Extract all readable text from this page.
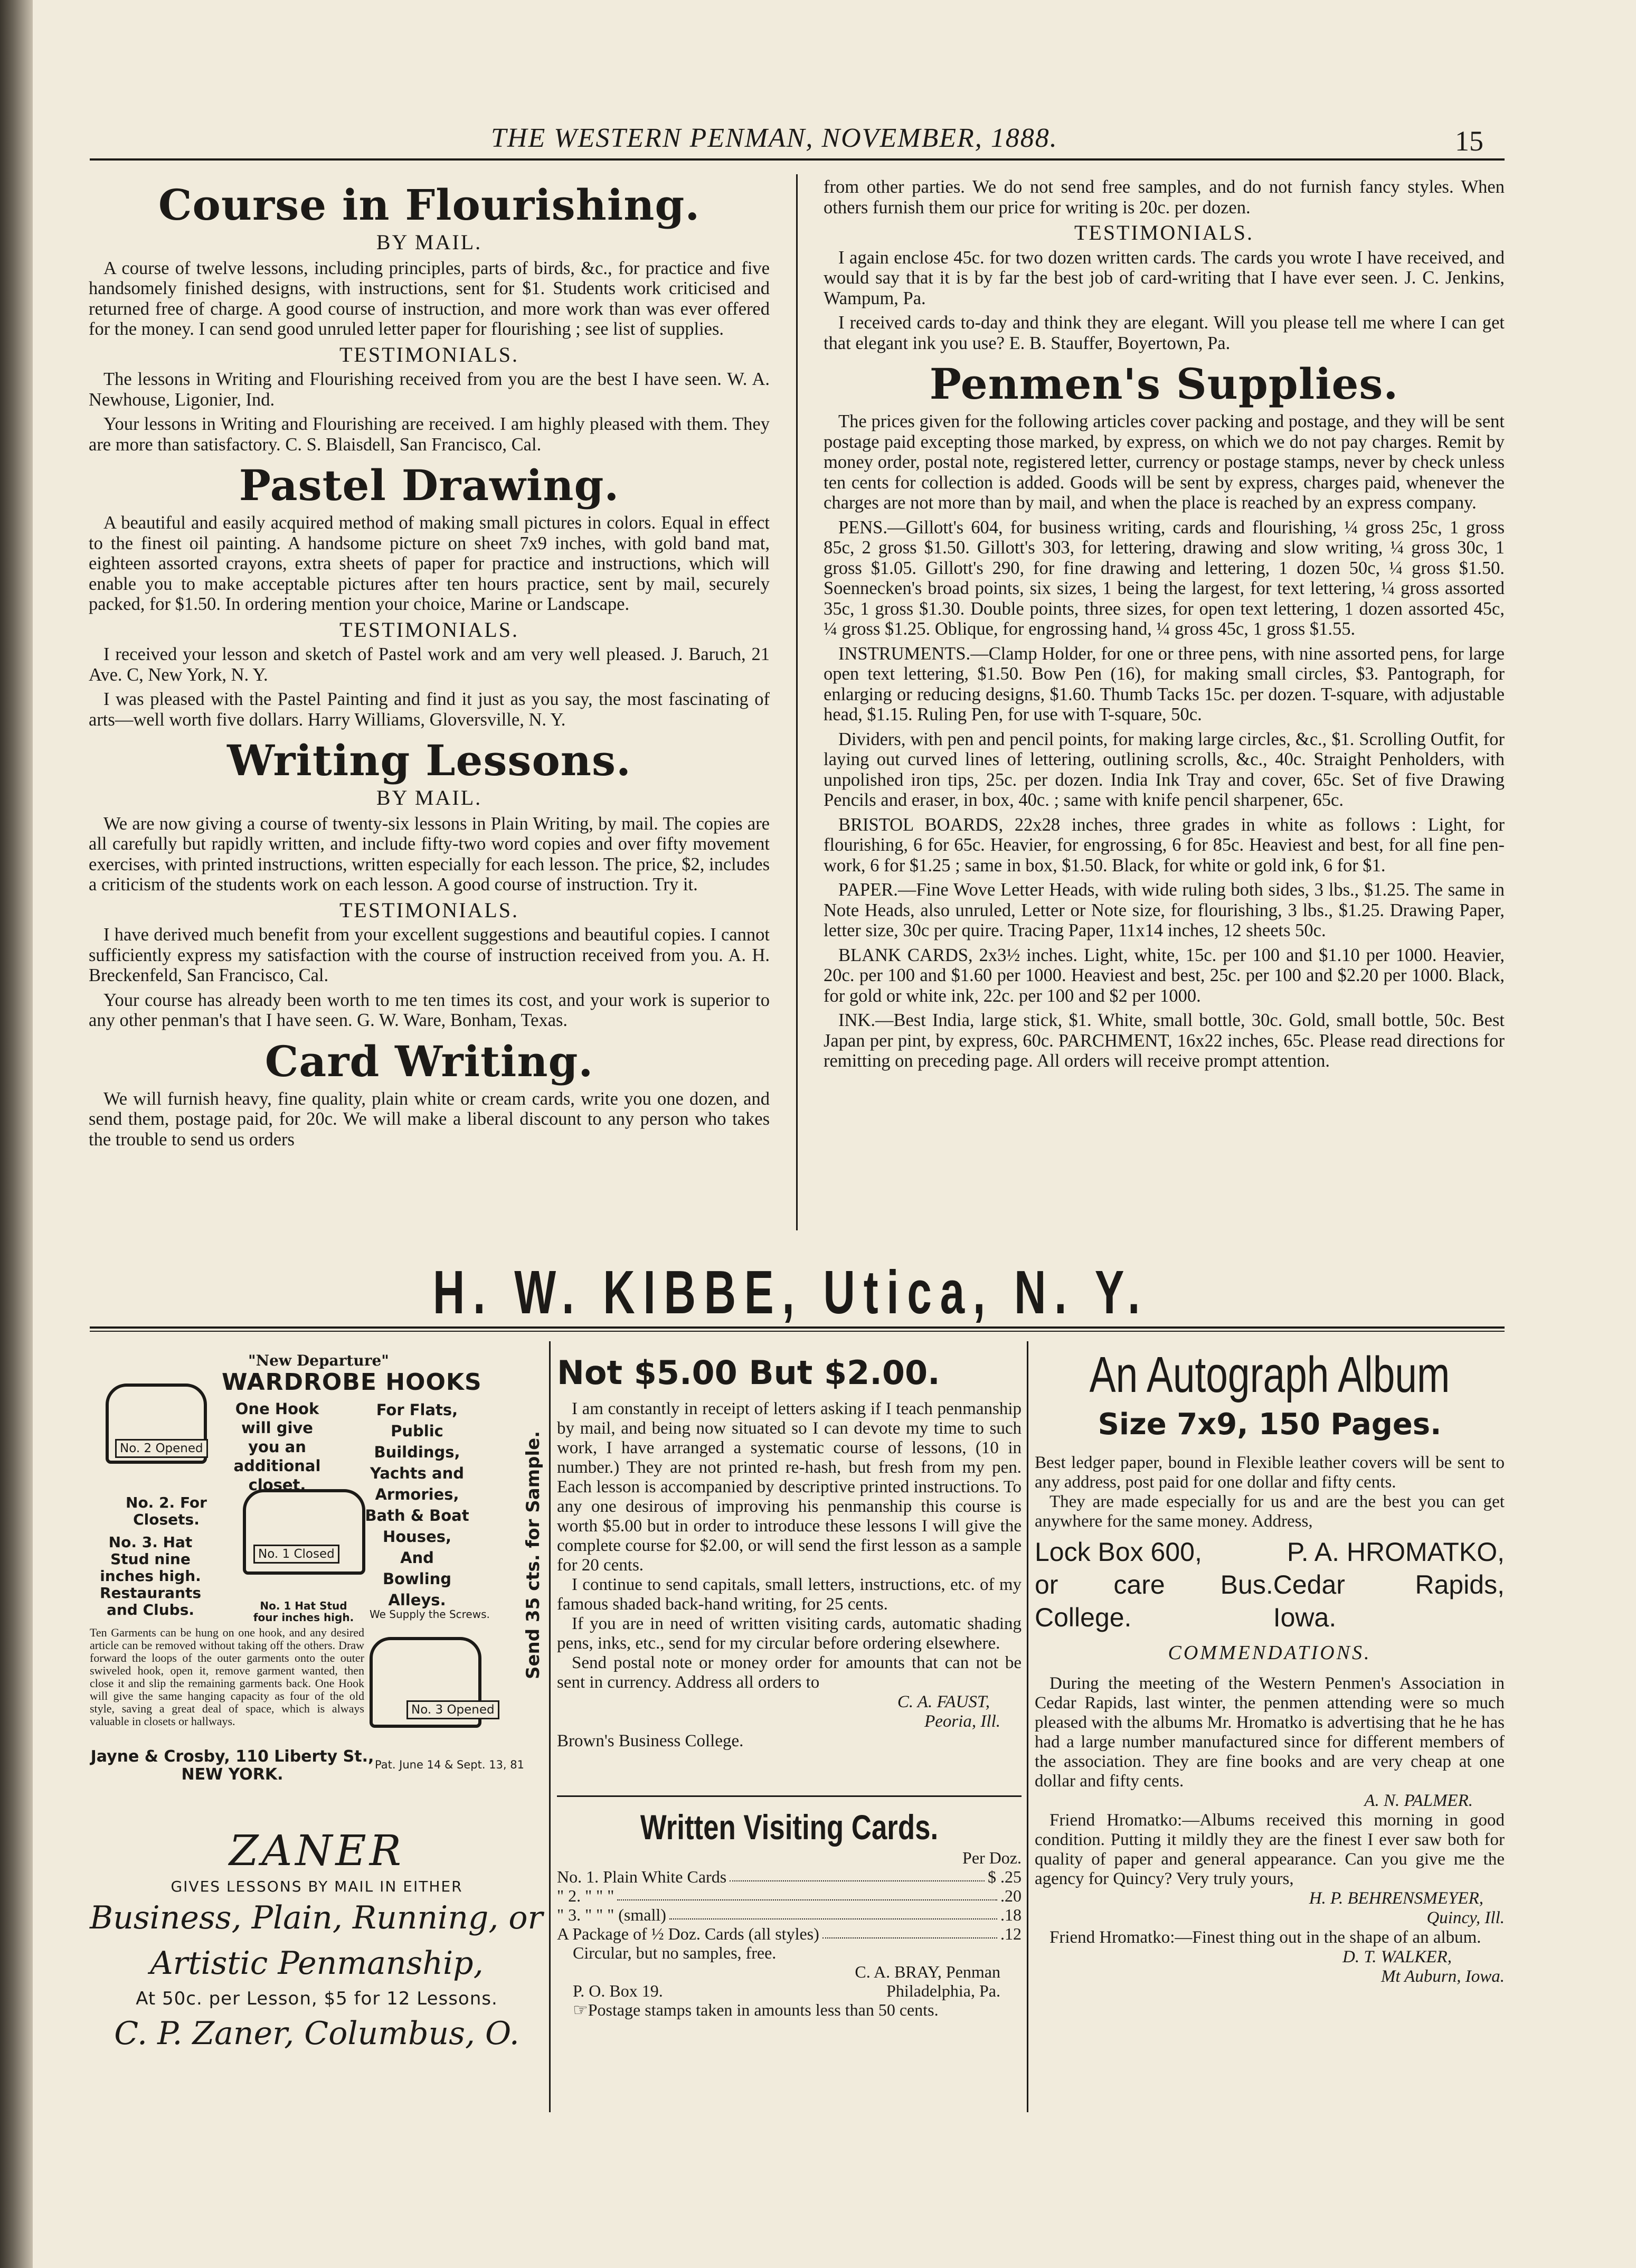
THE WESTERN PENMAN, NOVEMBER, 1888.	15
Course in Flourishing.
BY MAIL.

A course of twelve lessons, including principles, parts of birds, &c., for practice and five handsomely finished designs, with instructions, sent for $1. Students work criticised and returned free of charge. A good course of instruction, and more work than was ever offered for the money. I can send good unruled letter paper for flourishing ; see list of supplies.

TESTIMONIALS.

The lessons in Writing and Flourishing received from you are the best I have seen. W. A. Newhouse, Ligonier, Ind.

Your lessons in Writing and Flourishing are received. I am highly pleased with them. They are more than satisfactory. C. S. Blaisdell, San Francisco, Cal.

Pastel Drawing.

A beautiful and easily acquired method of making small pictures in colors. Equal in effect to the finest oil painting. A handsome picture on sheet 7x9 inches, with gold band mat, eighteen assorted crayons, extra sheets of paper for practice and instructions, which will enable you to make acceptable pictures after ten hours practice, sent by mail, securely packed, for $1.50. In ordering mention your choice, Marine or Landscape.

TESTIMONIALS.

I received your lesson and sketch of Pastel work and am very well pleased. J. Baruch, 21 Ave. C, New York, N. Y.

I was pleased with the Pastel Painting and find it just as you say, the most fascinating of arts—well worth five dollars. Harry Williams, Gloversville, N. Y.

Writing Lessons.
BY MAIL.

We are now giving a course of twenty-six lessons in Plain Writing, by mail. The copies are all carefully but rapidly written, and include fifty-two word copies and over fifty movement exercises, with printed instructions, written especially for each lesson. The price, $2, includes a criticism of the students work on each lesson. A good course of instruction. Try it.

TESTIMONIALS.

I have derived much benefit from your excellent suggestions and beautiful copies. I cannot sufficiently express my satisfaction with the course of instruction received from you. A. H. Breckenfeld, San Francisco, Cal.

Your course has already been worth to me ten times its cost, and your work is superior to any other penman's that I have seen. G. W. Ware, Bonham, Texas.

Card Writing.

We will furnish heavy, fine quality, plain white or cream cards, write you one dozen, and send them, postage paid, for 20c. We will make a liberal discount to any person who takes the trouble to send us orders

from other parties. We do not send free samples, and do not furnish fancy styles. When others furnish them our price for writing is 20c. per dozen.

TESTIMONIALS.

I again enclose 45c. for two dozen written cards. The cards you wrote I have received, and would say that it is by far the best job of card-writing that I have ever seen. J. C. Jenkins, Wampum, Pa.

I received cards to-day and think they are elegant. Will you please tell me where I can get that elegant ink you use? E. B. Stauffer, Boyertown, Pa.

Penmen's Supplies.

The prices given for the following articles cover packing and postage, and they will be sent postage paid excepting those marked, by express, on which we do not pay charges. Remit by money order, postal note, registered letter, currency or postage stamps, never by check unless ten cents for collection is added. Goods will be sent by express, charges paid, whenever the charges are not more than by mail, and when the place is reached by an express company.

PENS.—Gillott's 604, for business writing, cards and flourishing, ¼ gross 25c, 1 gross 85c, 2 gross $1.50. Gillott's 303, for lettering, drawing and slow writing, ¼ gross 30c, 1 gross $1.05. Gillott's 290, for fine drawing and lettering, 1 dozen 50c, ¼ gross $1.50. Soennecken's broad points, six sizes, 1 being the largest, for text lettering, ¼ gross assorted 35c, 1 gross $1.30. Double points, three sizes, for open text lettering, 1 dozen assorted 45c, ¼ gross $1.25. Oblique, for engrossing hand, ¼ gross 45c, 1 gross $1.55.

INSTRUMENTS.—Clamp Holder, for one or three pens, with nine assorted pens, for large open text lettering, $1.50. Bow Pen (16), for making small circles, $3. Pantograph, for enlarging or reducing designs, $1.60. Thumb Tacks 15c. per dozen. T-square, with adjustable head, $1.15. Ruling Pen, for use with T-square, 50c.

Dividers, with pen and pencil points, for making large circles, &c., $1. Scrolling Outfit, for laying out curved lines of lettering, outlining scrolls, &c., 40c. Straight Penholders, with unpolished iron tips, 25c. per dozen. India Ink Tray and cover, 65c. Set of five Drawing Pencils and eraser, in box, 40c. ; same with knife pencil sharpener, 65c.

BRISTOL BOARDS, 22x28 inches, three grades in white as follows : Light, for flourishing, 6 for 65c. Heavier, for engrossing, 6 for 85c. Heaviest and best, for all fine pen-work, 6 for $1.25 ; same in box, $1.50. Black, for white or gold ink, 6 for $1.

PAPER.—Fine Wove Letter Heads, with wide ruling both sides, 3 lbs., $1.25. The same in Note Heads, also unruled, Letter or Note size, for flourishing, 3 lbs., $1.25. Drawing Paper, letter size, 30c per quire. Tracing Paper, 11x14 inches, 12 sheets 50c.

BLANK CARDS, 2x3½ inches. Light, white, 15c. per 100 and $1.10 per 1000. Heavier, 20c. per 100 and $1.60 per 1000. Heaviest and best, 25c. per 100 and $2.20 per 1000. Black, for gold or white ink, 22c. per 100 and $2 per 1000.

INK.—Best India, large stick, $1. White, small bottle, 30c. Gold, small bottle, 50c. Best Japan per pint, by express, 60c. PARCHMENT, 16x22 inches, 65c. Please read directions for remitting on preceding page. All orders will receive prompt attention.

H. W. KIBBE, Utica, N. Y.
"New Departure"
WARDROBE HOOKS
One Hook will give you an additional closet.
For Flats, Public Buildings, Yachts and Armories, Bath & Boat Houses, And Bowling Alleys.
We Supply the Screws. Send 35 cts. for Sample.
No. 2 Opened
No. 1 Closed
No. 3 Opened
No. 2. For Closets.
No. 3. Hat Stud nine inches high. Restaurants and Clubs.	No. 1 Hat Stud four inches high.
Ten Garments can be hung on one hook, and any desired article can be removed without taking off the others. Draw forward the loops of the outer garments onto the outer swiveled hook, open it, remove garment wanted, then close it and slip the remaining garments back. One Hook will give the same hanging capacity as four of the old style, saving a great deal of space, which is always valuable in closets or hallways.
Pat. June 14 & Sept. 13, 81
Jayne & Crosby, 110 Liberty St., NEW YORK.
ZANER
GIVES LESSONS BY MAIL IN EITHER
Business, Plain, Running, or
Artistic Penmanship,
At 50c. per Lesson, $5 for 12 Lessons.
C. P. Zaner, Columbus, O.
Not $5.00 But $2.00.

I am constantly in receipt of letters asking if I teach penmanship by mail, and being now situated so I can devote my time to such work, I have arranged a systematic course of lessons, (10 in number.) They are not printed re-hash, but fresh from my pen. Each lesson is accompanied by descriptive printed instructions. To any one desirous of improving his penmanship this course is worth $5.00 but in order to introduce these lessons I will give the complete course for $2.00, or will send the first lesson as a sample for 20 cents.

I continue to send capitals, small letters, instructions, etc. of my famous shaded back-hand writing, for 25 cents.

If you are in need of written visiting cards, automatic shading pens, inks, etc., send for my circular before ordering elsewhere.

Send postal note or money order for amounts that can not be sent in currency. Address all orders to

C. A. FAUST,
Peoria, Ill.
Brown's Business College.
Written Visiting Cards.
Per Doz.
No. 1. Plain White Cards	$ .25
" 2. " " "	.20
" 3. " " " (small)	.18
A Package of ½ Doz. Cards (all styles)	.12
Circular, but no samples, free.
C. A. BRAY, Penman
P. O. Box 19.	Philadelphia, Pa.
☞Postage stamps taken in amounts less than 50 cents.
An Autograph Album
Size 7x9, 150 Pages.

Best ledger paper, bound in Flexible leather covers will be sent to any address, post paid for one dollar and fifty cents.

They are made especially for us and are the best you can get anywhere for the same money. Address,

Lock Box 600,	P. A. HROMATKO,
or care Bus. College.
Cedar Rapids, Iowa.
COMMENDATIONS.

During the meeting of the Western Penmen's Association in Cedar Rapids, last winter, the penmen attending were so much pleased with the albums Mr. Hromatko is advertising that he he has had a large number manufactured since for different members of the association. They are fine books and are very cheap at one dollar and fifty cents.

A. N. PALMER.

Friend Hromatko:—Albums received this morning in good condition. Putting it mildly they are the finest I ever saw both for quality of paper and general appearance. Can you give me the agency for Quincy? Very truly yours,

H. P. BEHRENSMEYER,
Quincy, Ill.

Friend Hromatko:—Finest thing out in the shape of an album.

D. T. WALKER,
Mt Auburn, Iowa.
